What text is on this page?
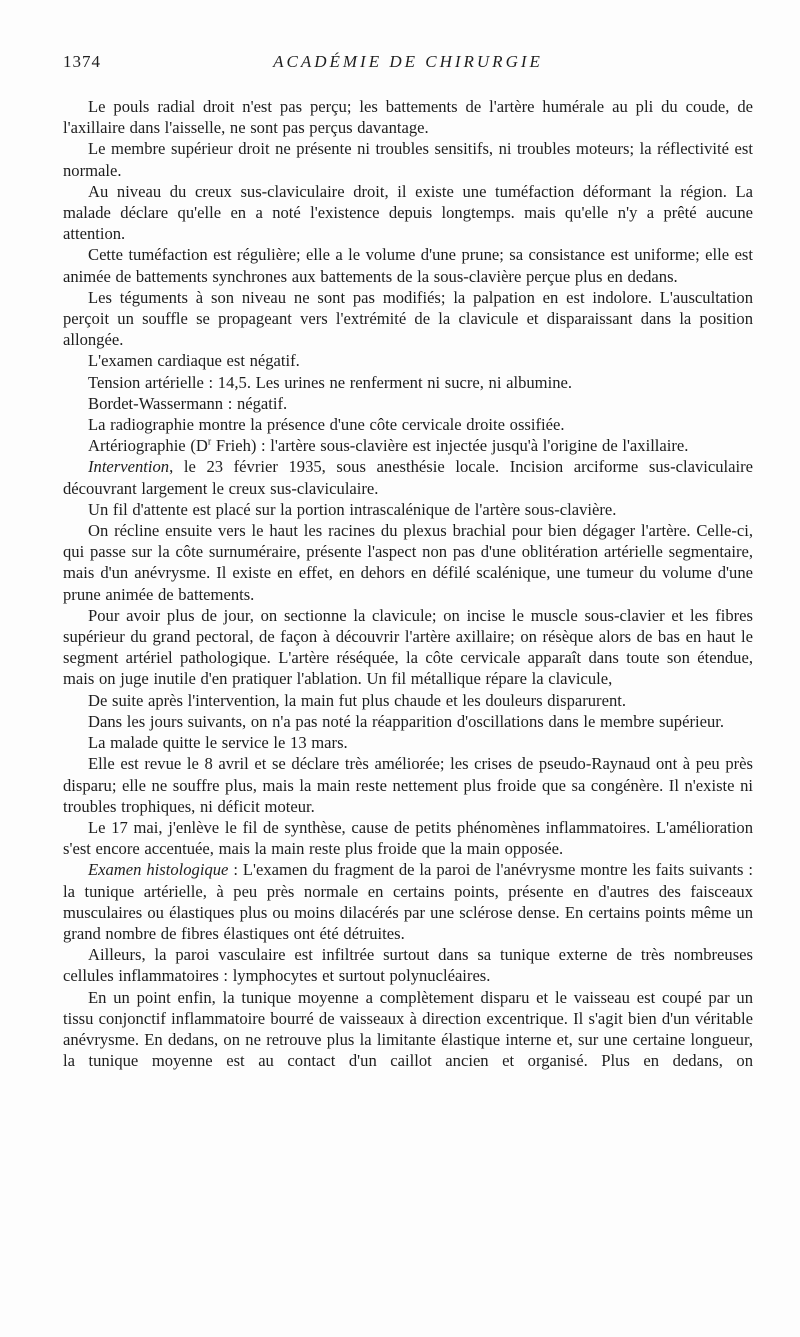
1374	ACADÉMIE DE CHIRURGIE

Le pouls radial droit n'est pas perçu; les battements de l'artère humérale au pli du coude, de l'axillaire dans l'aisselle, ne sont pas perçus davantage.

Le membre supérieur droit ne présente ni troubles sensitifs, ni troubles moteurs; la réflectivité est normale.

Au niveau du creux sus-claviculaire droit, il existe une tuméfaction déformant la région. La malade déclare qu'elle en a noté l'existence depuis longtemps. mais qu'elle n'y a prêté aucune attention.

Cette tuméfaction est régulière; elle a le volume d'une prune; sa consistance est uniforme; elle est animée de battements synchrones aux battements de la sous-clavière perçue plus en dedans.

Les téguments à son niveau ne sont pas modifiés; la palpation en est indolore. L'auscultation perçoit un souffle se propageant vers l'extrémité de la clavicule et disparaissant dans la position allongée.

L'examen cardiaque est négatif.

Tension artérielle : 14,5. Les urines ne renferment ni sucre, ni albumine.

Bordet-Wassermann : négatif.

La radiographie montre la présence d'une côte cervicale droite ossifiée.

Artériographie ($D^r$ Frieh) : l'artère sous-clavière est injectée jusqu'à l'origine de l'axillaire.

Intervention, le 23 février 1935, sous anesthésie locale. Incision arciforme sus-claviculaire découvrant largement le creux sus-claviculaire.

Un fil d'attente est placé sur la portion intrascalénique de l'artère sous-clavière.

On récline ensuite vers le haut les racines du plexus brachial pour bien dégager l'artère. Celle-ci, qui passe sur la côte surnuméraire, présente l'aspect non pas d'une oblitération artérielle segmentaire, mais d'un anévrysme. Il existe en effet, en dehors en défilé scalénique, une tumeur du volume d'une prune animée de battements.

Pour avoir plus de jour, on sectionne la clavicule; on incise le muscle sous-clavier et les fibres supérieur du grand pectoral, de façon à découvrir l'artère axillaire; on résèque alors de bas en haut le segment artériel pathologique. L'artère réséquée, la côte cervicale apparaît dans toute son étendue, mais on juge inutile d'en pratiquer l'ablation. Un fil métallique répare la clavicule,

De suite après l'intervention, la main fut plus chaude et les douleurs disparurent.

Dans les jours suivants, on n'a pas noté la réapparition d'oscillations dans le membre supérieur.

La malade quitte le service le 13 mars.

Elle est revue le 8 avril et se déclare très améliorée; les crises de pseudo-Raynaud ont à peu près disparu; elle ne souffre plus, mais la main reste nettement plus froide que sa congénère. Il n'existe ni troubles trophiques, ni déficit moteur.

Le 17 mai, j'enlève le fil de synthèse, cause de petits phénomènes inflammatoires. L'amélioration s'est encore accentuée, mais la main reste plus froide que la main opposée.

Examen histologique : L'examen du fragment de la paroi de l'anévrysme montre les faits suivants : la tunique artérielle, à peu près normale en certains points, présente en d'autres des faisceaux musculaires ou élastiques plus ou moins dilacérés par une sclérose dense. En certains points même un grand nombre de fibres élastiques ont été détruites.

Ailleurs, la paroi vasculaire est infiltrée surtout dans sa tunique externe de très nombreuses cellules inflammatoires : lymphocytes et surtout polynucléaires.

En un point enfin, la tunique moyenne a complètement disparu et le vaisseau est coupé par un tissu conjonctif inflammatoire bourré de vaisseaux à direction excentrique. Il s'agit bien d'un véritable anévrysme. En dedans, on ne retrouve plus la limitante élastique interne et, sur une certaine longueur, la tunique moyenne est au contact d'un caillot ancien et organisé. Plus en dedans, on
